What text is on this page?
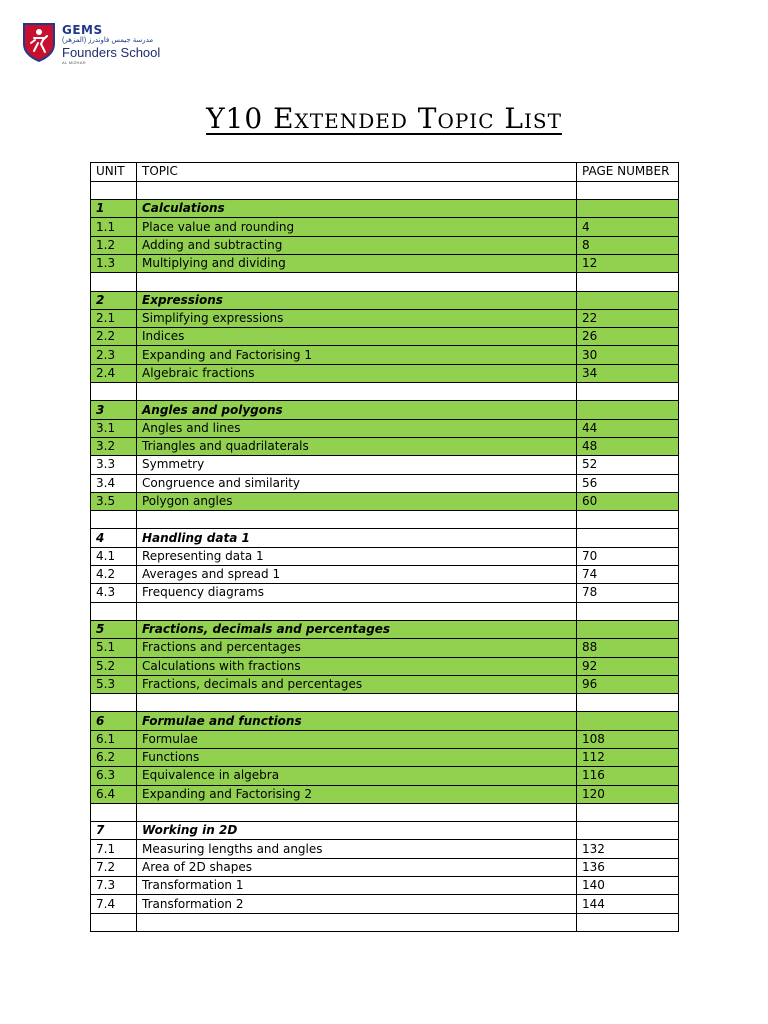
GEMS
مدرسة جيمس فاوندرز (المزهر)
Founders School
AL MIZHAR
Y10 Extended Topic List
UNIT	TOPIC	PAGE NUMBER

1	Calculations	
1.1	Place value and rounding	4
1.2	Adding and subtracting	8
1.3	Multiplying and dividing	12

2	Expressions	
2.1	Simplifying expressions	22
2.2	Indices	26
2.3	Expanding and Factorising 1	30
2.4	Algebraic fractions	34

3	Angles and polygons	
3.1	Angles and lines	44
3.2	Triangles and quadrilaterals	48
3.3	Symmetry	52
3.4	Congruence and similarity	56
3.5	Polygon angles	60

4	Handling data 1	
4.1	Representing data 1	70
4.2	Averages and spread 1	74
4.3	Frequency diagrams	78

5	Fractions, decimals and percentages	
5.1	Fractions and percentages	88
5.2	Calculations with fractions	92
5.3	Fractions, decimals and percentages	96

6	Formulae and functions	
6.1	Formulae	108
6.2	Functions	112
6.3	Equivalence in algebra	116
6.4	Expanding and Factorising 2	120

7	Working in 2D	
7.1	Measuring lengths and angles	132
7.2	Area of 2D shapes	136
7.3	Transformation 1	140
7.4	Transformation 2	144
